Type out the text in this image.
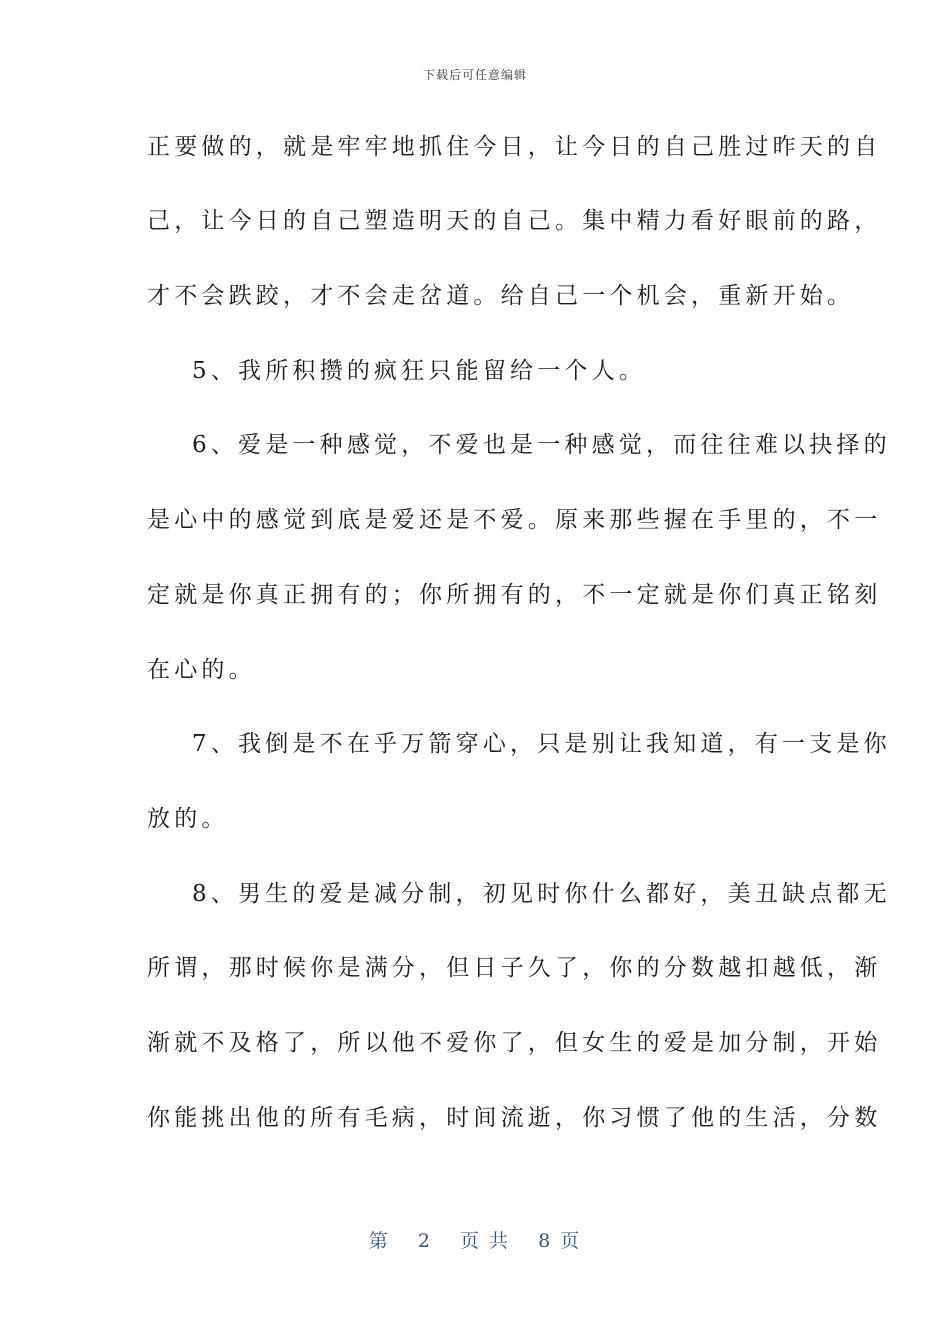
下载后可任意编辑
正要做的，就是牢牢地抓住今日，让今日的自己胜过昨天的自
己，让今日的自己塑造明天的自己。集中精力看好眼前的路，
才不会跌跤，才不会走岔道。给自己一个机会，重新开始。
5、我所积攒的疯狂只能留给一个人。
6、爱是一种感觉，不爱也是一种感觉，而往往难以抉择的
是心中的感觉到底是爱还是不爱。原来那些握在手里的，不一
定就是你真正拥有的；你所拥有的，不一定就是你们真正铭刻
在心的。
7、我倒是不在乎万箭穿心，只是别让我知道，有一支是你
放的。
8、男生的爱是减分制，初见时你什么都好，美丑缺点都无
所谓，那时候你是满分，但日子久了，你的分数越扣越低，渐
渐就不及格了，所以他不爱你了，但女生的爱是加分制，开始
你能挑出他的所有毛病，时间流逝，你习惯了他的生活，分数
第 2 页 共 8 页
